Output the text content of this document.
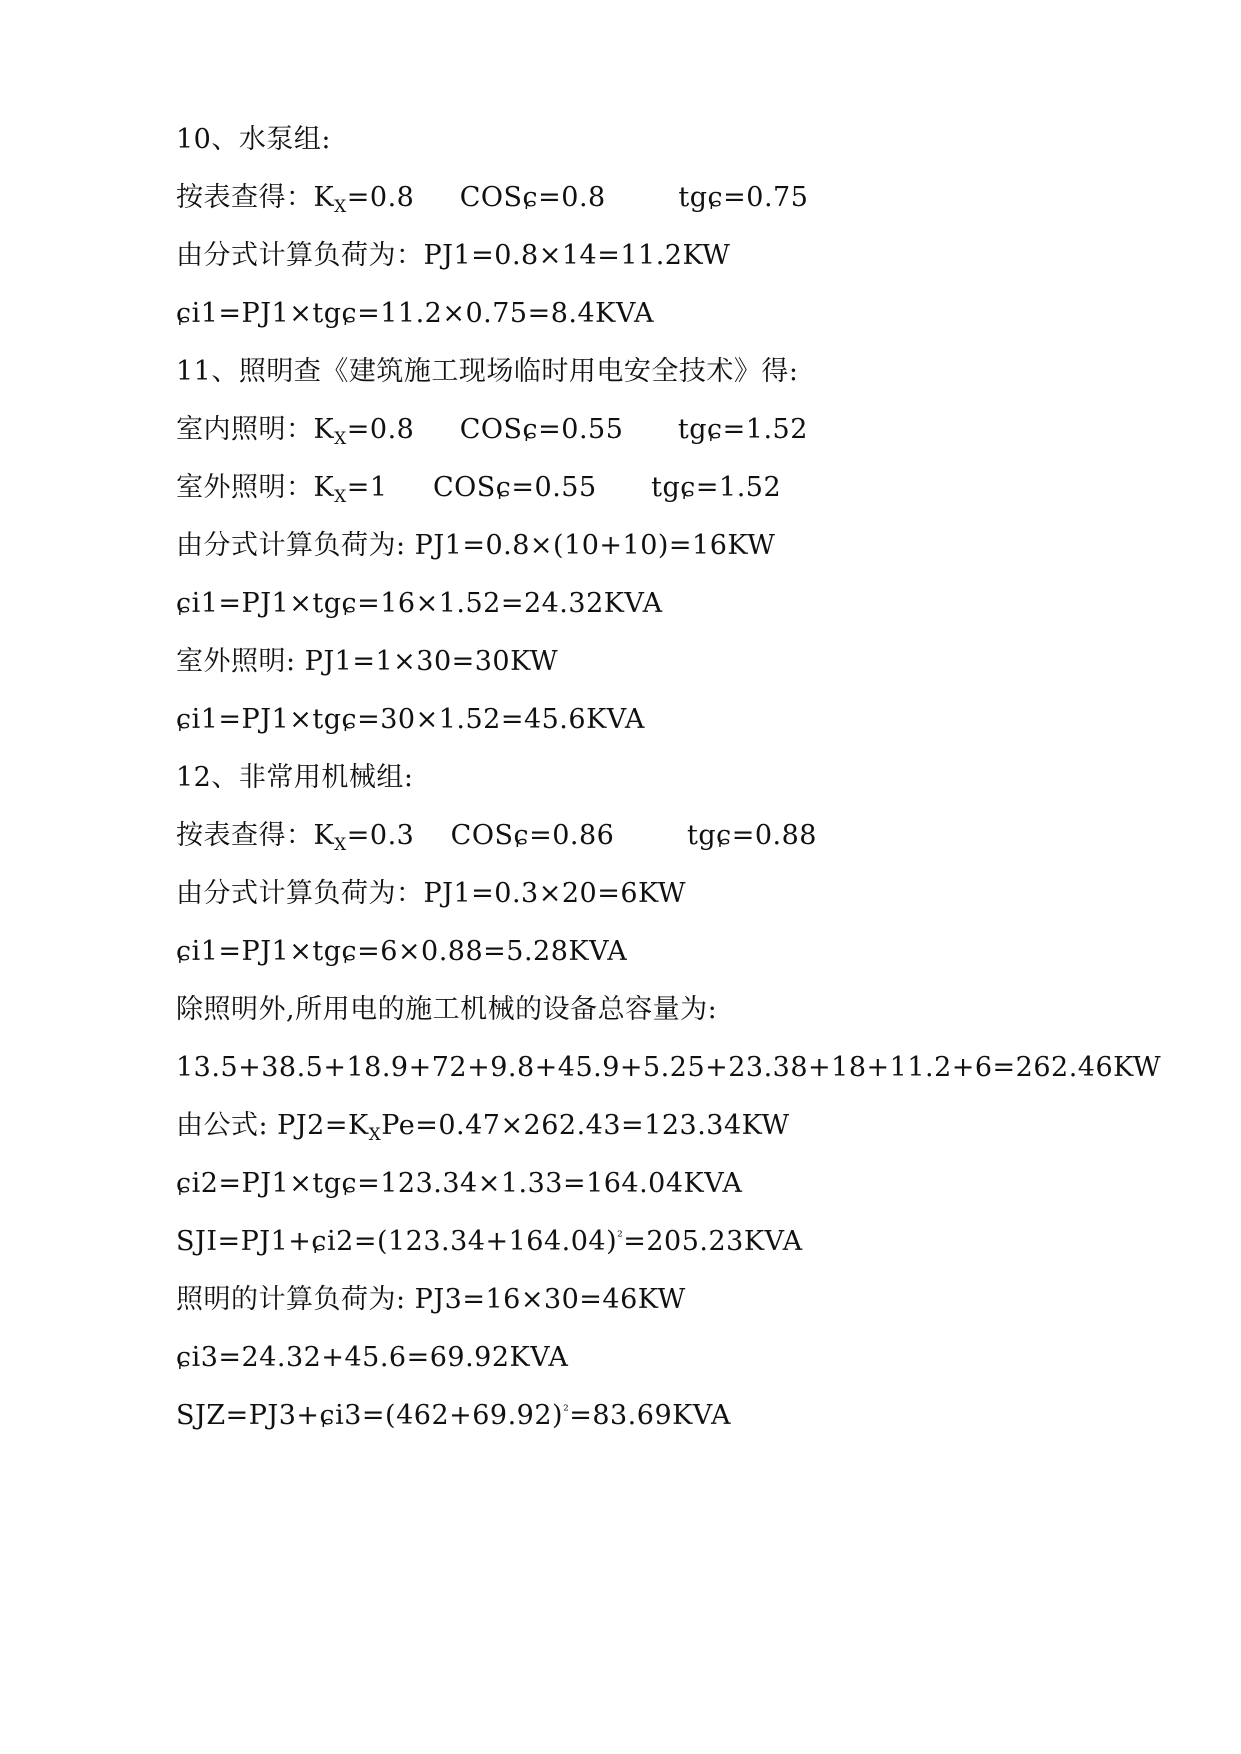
10、水泵组:
按表查得：$K_X=0.8$     COSɕ=0.8        tgɕ=0.75
由分式计算负荷为：PJ1=0.8×14=11.2KW
ɕi1=PJ1×tgɕ=11.2×0.75=8.4KVA
11、照明查《建筑施工现场临时用电安全技术》得:
室内照明：$K_X=0.8$     COSɕ=0.55      tgɕ=1.52
室外照明：$K_X=1$     COSɕ=0.55      tgɕ=1.52
由分式计算负荷为: PJ1=0.8×(10+10)=16KW
ɕi1=PJ1×tgɕ=16×1.52=24.32KVA
室外照明: PJ1=1×30=30KW
ɕi1=PJ1×tgɕ=30×1.52=45.6KVA
12、非常用机械组:
按表查得：$K_X=0.3$    COSɕ=0.86        tgɕ=0.88
由分式计算负荷为：PJ1=0.3×20=6KW
ɕi1=PJ1×tgɕ=6×0.88=5.28KVA
除照明外,所用电的施工机械的设备总容量为:
13.5+38.5+18.9+72+9.8+45.9+5.25+23.38+18+11.2+6=262.46KW
由公式: $PJ2=K_XPe=0.47\times 262.43=123.34KW$
ɕi2=PJ1×tgɕ=123.34×1.33=164.04KVA
$SJI=PJ1+ɕi2=(123.34+164.04)^{^2}=205.23KVA$
照明的计算负荷为: PJ3=16×30=46KW
ɕi3=24.32+45.6=69.92KVA
$SJZ=PJ3+ɕi3=(462+69.92)^{^2}=83.69KVA$
